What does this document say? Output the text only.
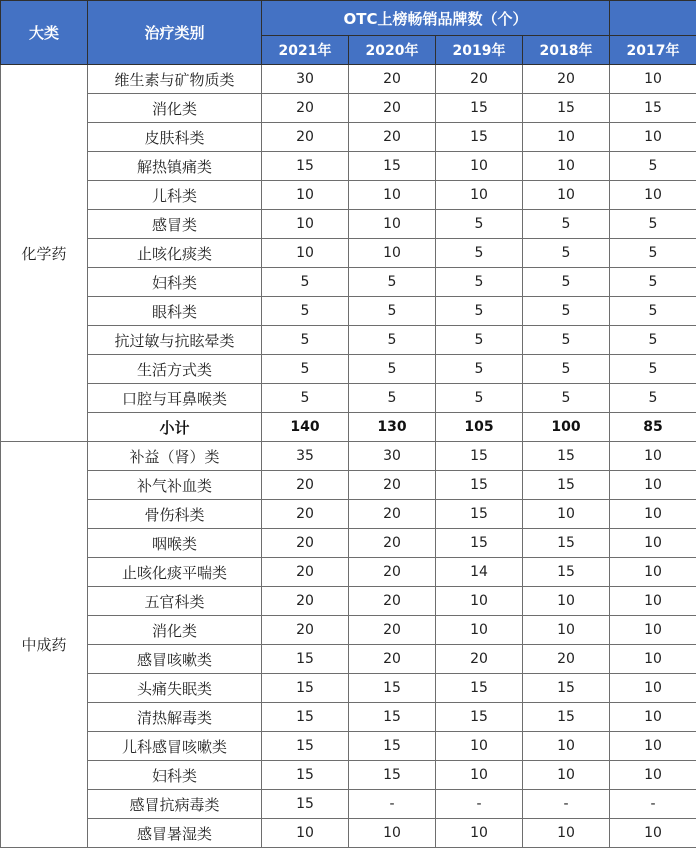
大类	治疗类别	OTC上榜畅销品牌数（个）				
		2021年	2020年	2019年	2018年	2017年
化学药	维生素与矿物质类	30	20	20	20	10
	消化类	20	20	15	15	15
	皮肤科类	20	20	15	10	10
	解热镇痛类	15	15	10	10	5
	儿科类	10	10	10	10	10
	感冒类	10	10	5	5	5
	止咳化痰类	10	10	5	5	5
	妇科类	5	5	5	5	5
	眼科类	5	5	5	5	5
	抗过敏与抗眩晕类	5	5	5	5	5
	生活方式类	5	5	5	5	5
	口腔与耳鼻喉类	5	5	5	5	5
	小计	140	130	105	100	85
中成药	补益（肾）类	35	30	15	15	10
	补气补血类	20	20	15	15	10
	骨伤科类	20	20	15	10	10
	咽喉类	20	20	15	15	10
	止咳化痰平喘类	20	20	14	15	10
	五官科类	20	20	10	10	10
	消化类	20	20	10	10	10
	感冒咳嗽类	15	20	20	20	10
	头痛失眠类	15	15	15	15	10
	清热解毒类	15	15	15	15	10
	儿科感冒咳嗽类	15	15	10	10	10
	妇科类	15	15	10	10	10
	感冒抗病毒类	15	-	-	-	-
	感冒暑湿类	10	10	10	10	10
